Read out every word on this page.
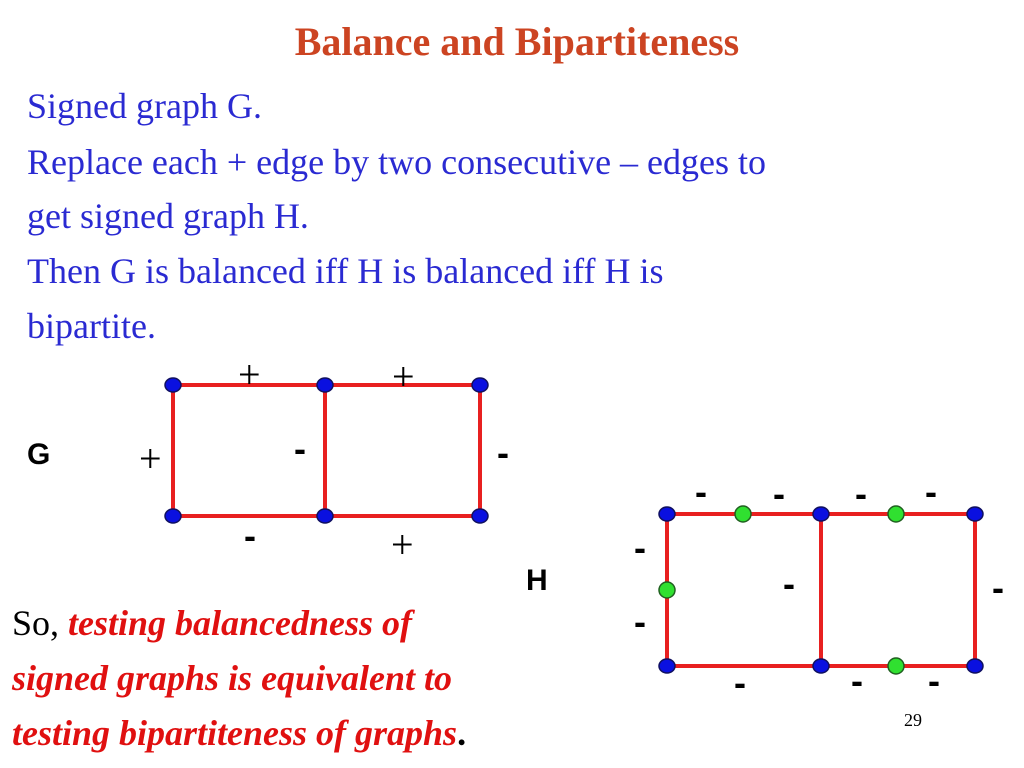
Balance and Bipartiteness
Signed graph G.
Replace each + edge by two consecutive – edges to
get signed graph H.
Then G is balanced iff H is balanced iff H is
bipartite.
+	+
+	-	-
-	+
G
- - - -
-
-
-	-
-	- -
H
So, testing balancedness of
signed graphs is equivalent to
testing bipartiteness of graphs.	29
